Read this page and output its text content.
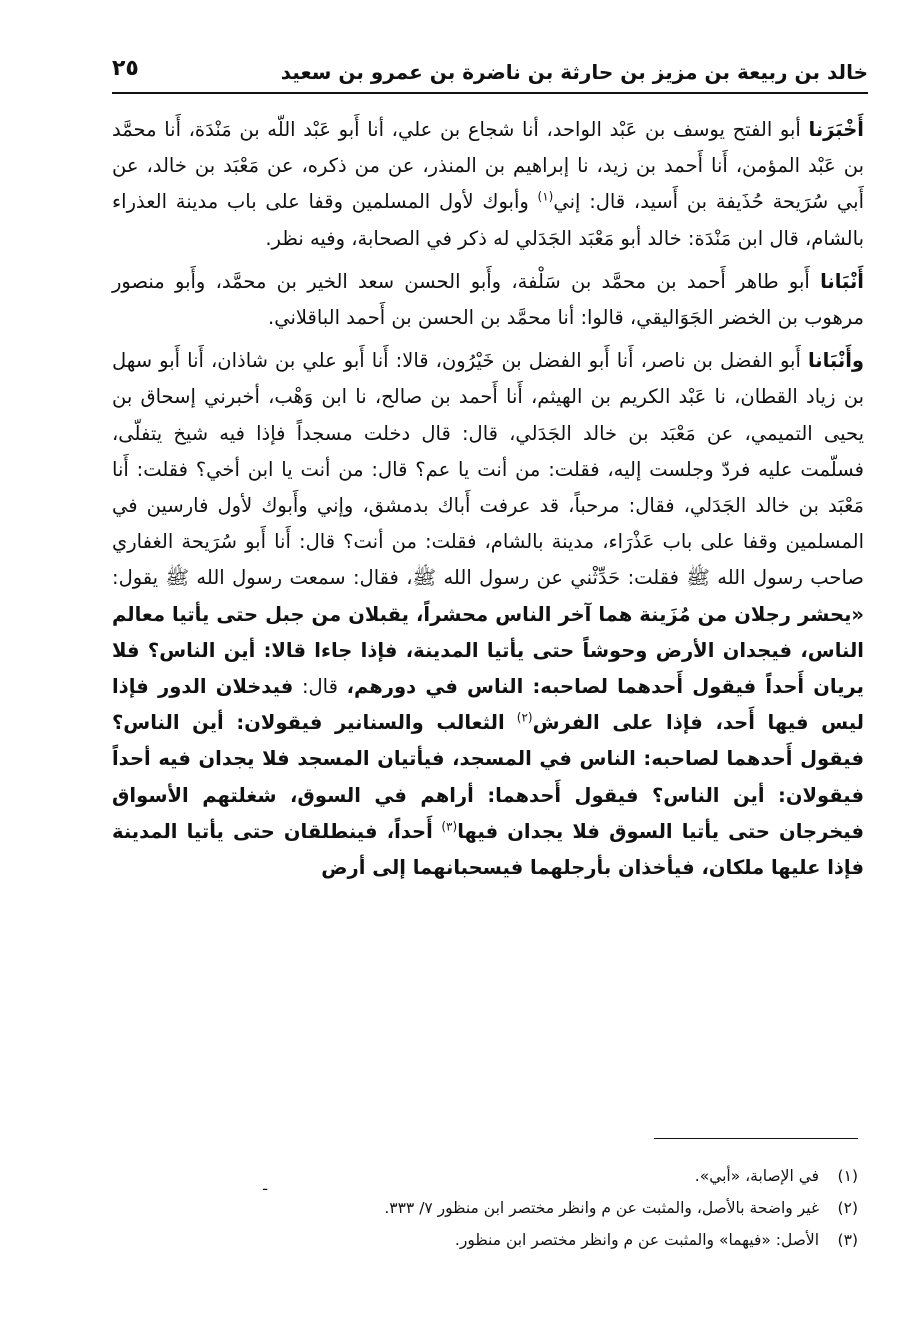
خالد بن ربيعة بن مزيز بن حارثة بن ناضرة بن عمرو بن سعيد
٢٥

أَخْبَرَنا أبو الفتح يوسف بن عَبْد الواحد، أنا شجاع بن علي، أنا أَبو عَبْد اللّه بن مَنْدَة، أَنا محمَّد بن عَبْد المؤمن، أَنا أَحمد بن زيد، نا إبراهيم بن المنذر، عن من ذكره، عن مَعْبَد بن خالد، عن أَبي سُرَيحة حُذَيفة بن أَسيد، قال: إني$^{(١)}$ وأبوك لأول المسلمين وقفا على باب مدينة العذراء بالشام، قال ابن مَنْدَة: خالد أبو مَعْبَد الجَدَلي له ذكر في الصحابة، وفيه نظر.

أَنْبَانا أَبو طاهر أَحمد بن محمَّد بن سَلْفة، وأَبو الحسن سعد الخير بن محمَّد، وأَبو منصور مرهوب بن الخضر الجَوَاليقي، قالوا: أنا محمَّد بن الحسن بن أَحمد الباقلاني.

وأَنْبَانا أَبو الفضل بن ناصر، أَنا أَبو الفضل بن خَيْرُون، قالا: أَنا أَبو علي بن شاذان، أَنا أَبو سهل بن زياد القطان، نا عَبْد الكريم بن الهيثم، أَنا أَحمد بن صالح، نا ابن وَهْب، أخبرني إسحاق بن يحيى التميمي، عن مَعْبَد بن خالد الجَدَلي، قال: قال دخلت مسجداً فإذا فيه شيخ يتفلّى، فسلّمت عليه فردّ وجلست إليه، فقلت: من أنت يا عم؟ قال: من أنت يا ابن أخي؟ فقلت: أَنا مَعْبَد بن خالد الجَدَلي، فقال: مرحباً، قد عرفت أَباك بدمشق، وإني وأَبوك لأول فارسين في المسلمين وقفا على باب عَذْرَاء، مدينة بالشام، فقلت: من أنت؟ قال: أَنا أَبو سُرَيحة الغفاري صاحب رسول الله ﷺ فقلت: حَدِّثْني عن رسول الله ﷺ، فقال: سمعت رسول الله ﷺ يقول: «يحشر رجلان من مُزَينة هما آخر الناس محشراً، يقبلان من جبل حتى يأتيا معالم الناس، فيجدان الأرض وحوشاً حتى يأتيا المدينة، فإذا جاءا قالا: أين الناس؟ فلا يريان أَحداً فيقول أَحدهما لصاحبه: الناس في دورهم، قال: فيدخلان الدور فإذا ليس فيها أَحد، فإذا على الفرش$^{(٢)}$ الثعالب والسنانير فيقولان: أين الناس؟ فيقول أَحدهما لصاحبه: الناس في المسجد، فيأتيان المسجد فلا يجدان فيه أحداً فيقولان: أين الناس؟ فيقول أَحدهما: أراهم في السوق، شغلتهم الأسواق فيخرجان حتى يأتيا السوق فلا يجدان فيها$^{(٣)}$ أَحداً، فينطلقان حتى يأتيا المدينة فإذا عليها ملكان، فيأخذان بأرجلهما فيسحبانهما إلى أرض

ـ
(١) في الإصابة، «أبي».
(٢) غير واضحة بالأصل، والمثبت عن م وانظر مختصر ابن منظور ٧/ ٣٣٣.
(٣) الأصل: «فيهما» والمثبت عن م وانظر مختصر ابن منظور.
